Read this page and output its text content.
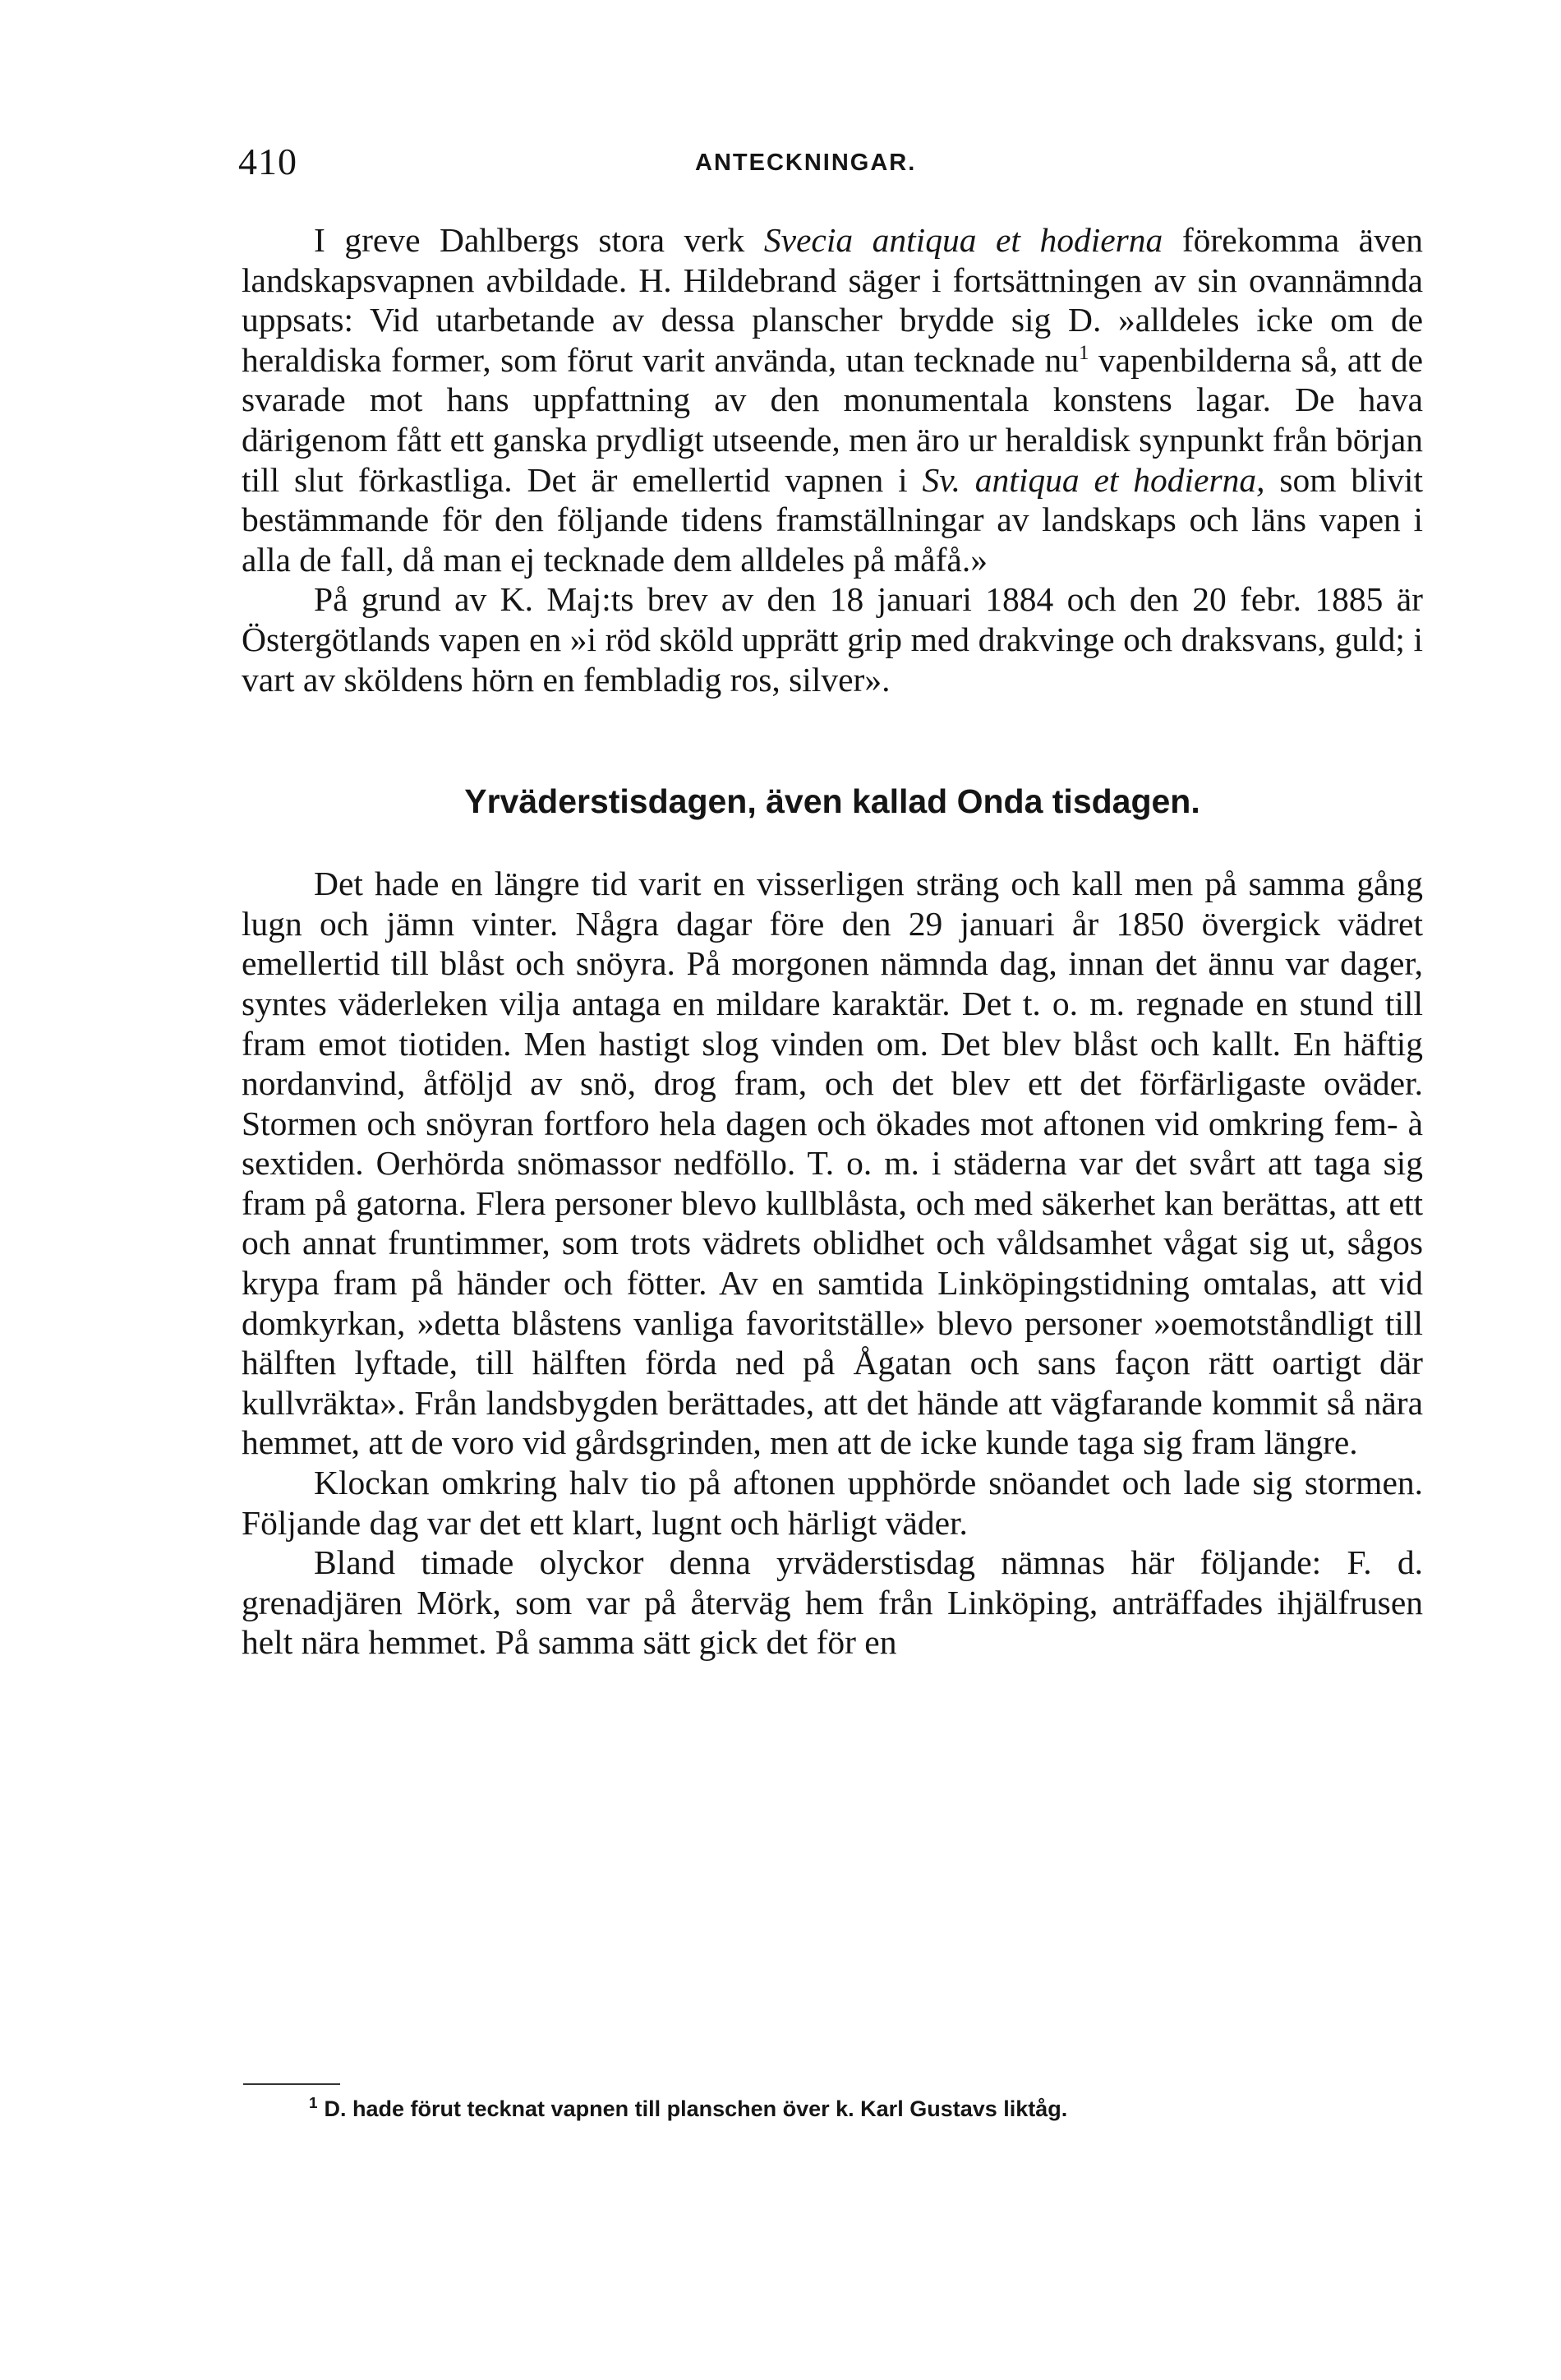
410	ANTECKNINGAR.

I greve Dahlbergs stora verk Svecia antiqua et hodierna förekomma även landskapsvapnen avbildade. H. Hildebrand säger i fortsättningen av sin ovannämnda uppsats: Vid utarbetande av dessa planscher brydde sig D. »alldeles icke om de heraldiska former, som förut varit använda, utan tecknade $nu^1$ vapenbilderna så, att de svarade mot hans uppfattning av den monumentala konstens lagar. De hava därigenom fått ett ganska prydligt utseende, men äro ur heraldisk synpunkt från början till slut förkastliga. Det är emellertid vapnen i Sv. antiqua et hodierna, som blivit bestämmande för den följande tidens framställningar av landskaps och läns vapen i alla de fall, då man ej tecknade dem alldeles på måfå.»

På grund av K. Maj:ts brev av den 18 januari 1884 och den 20 febr. 1885 är Östergötlands vapen en »i röd sköld upprätt grip med drakvinge och draksvans, guld; i vart av sköldens hörn en fembladig ros, silver».

Yrväderstisdagen, även kallad Onda tisdagen.

Det hade en längre tid varit en visserligen sträng och kall men på samma gång lugn och jämn vinter. Några dagar före den 29 januari år 1850 övergick vädret emellertid till blåst och snöyra. På morgonen nämnda dag, innan det ännu var dager, syntes väderleken vilja antaga en mildare karaktär. Det t. o. m. regnade en stund till fram emot tiotiden. Men hastigt slog vinden om. Det blev blåst och kallt. En häftig nordanvind, åtföljd av snö, drog fram, och det blev ett det förfärligaste oväder. Stormen och snöyran fortforo hela dagen och ökades mot aftonen vid omkring fem- à sextiden. Oerhörda snömassor nedföllo. T. o. m. i städerna var det svårt att taga sig fram på gatorna. Flera personer blevo kullblåsta, och med säkerhet kan berättas, att ett och annat fruntimmer, som trots vädrets oblidhet och våldsamhet vågat sig ut, sågos krypa fram på händer och fötter. Av en samtida Linköpingstidning omtalas, att vid domkyrkan, »detta blåstens vanliga favoritställe» blevo personer »oemotståndligt till hälften lyftade, till hälften förda ned på Ågatan och sans façon rätt oartigt där kullvräkta». Från landsbygden berättades, att det hände att vägfarande kommit så nära hemmet, att de voro vid gårdsgrinden, men att de icke kunde taga sig fram längre.

Klockan omkring halv tio på aftonen upphörde snöandet och lade sig stormen. Följande dag var det ett klart, lugnt och härligt väder.

Bland timade olyckor denna yrväderstisdag nämnas här följande: F. d. grenadjären Mörk, som var på återväg hem från Linköping, anträffades ihjälfrusen helt nära hemmet. På samma sätt gick det för en

$^1$ D. hade förut tecknat vapnen till planschen över k. Karl Gustavs liktåg.
